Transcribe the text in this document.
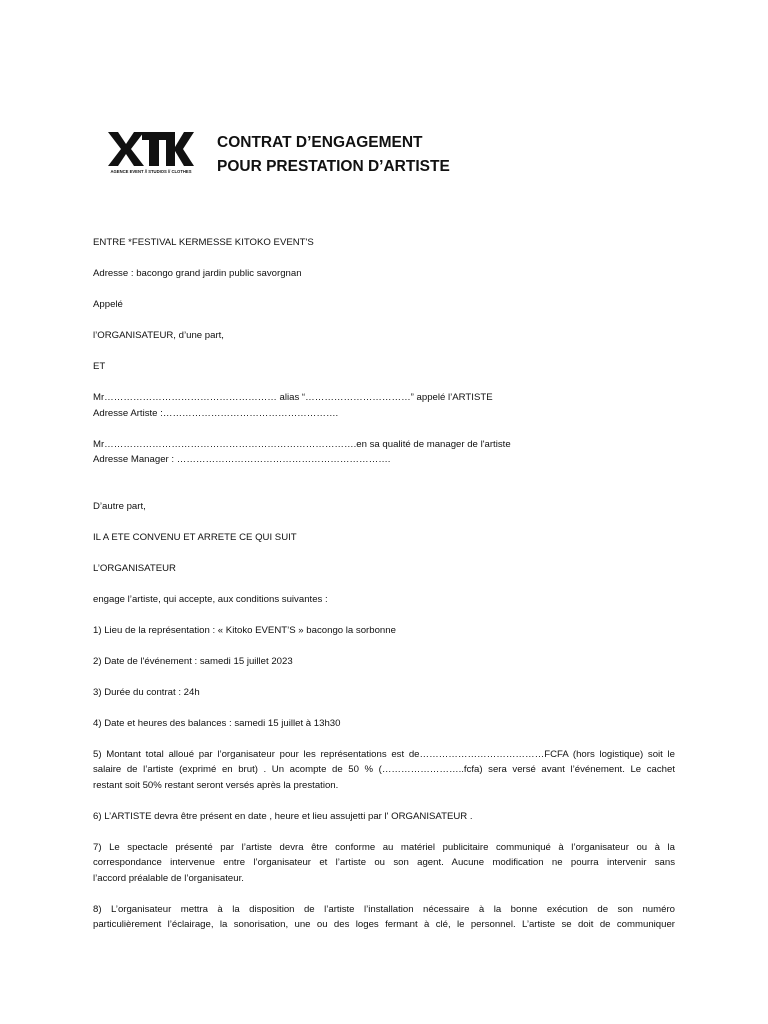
AGENCE EVENT // STUDIOS // CLOTHES
CONTRAT D’ENGAGEMENT
POUR PRESTATION D’ARTISTE

ENTRE *FESTIVAL KERMESSE KITOKO EVENT'S

Adresse : bacongo grand jardin public savorgnan

Appelé

l’ORGANISATEUR, d’une part,

ET

Mr……………………………………………… alias “……………………………” appelé l’ARTISTE

Adresse Artiste :……………………………………………….

Mr…………………………………………………………………….en sa qualité de manager de l'artiste

Adresse Manager : ………………………………………………………….

D’autre part,

IL A ETE CONVENU ET ARRETE CE QUI SUIT

L’ORGANISATEUR

engage l’artiste, qui accepte, aux conditions suivantes :

1) Lieu de la représentation : « Kitoko EVENT’S » bacongo la sorbonne

2) Date de l'événement : samedi 15 juillet 2023

3) Durée du contrat : 24h

4) Date et heures des balances : samedi 15 juillet à 13h30

5) Montant total alloué par l’organisateur pour les représentations est de…………………………………FCFA (hors logistique) soit le

salaire de l’artiste (exprimé en brut) . Un acompte de 50 % (……………………..fcfa) sera versé avant l’événement. Le cachet

restant soit 50% restant seront versés après la prestation.

6) L’ARTISTE devra être présent en date , heure et lieu assujetti par l' ORGANISATEUR .

7) Le spectacle présenté par l’artiste devra être conforme au matériel publicitaire communiqué à l’organisateur ou à la

correspondance intervenue entre l’organisateur et l’artiste ou son agent. Aucune modification ne pourra intervenir sans

l’accord préalable de l’organisateur.

8) L’organisateur mettra à la disposition de l’artiste l’installation nécessaire à la bonne exécution de son numéro

particulièrement l’éclairage, la sonorisation, une ou des loges fermant à clé, le personnel. L’artiste se doit de communiquer
